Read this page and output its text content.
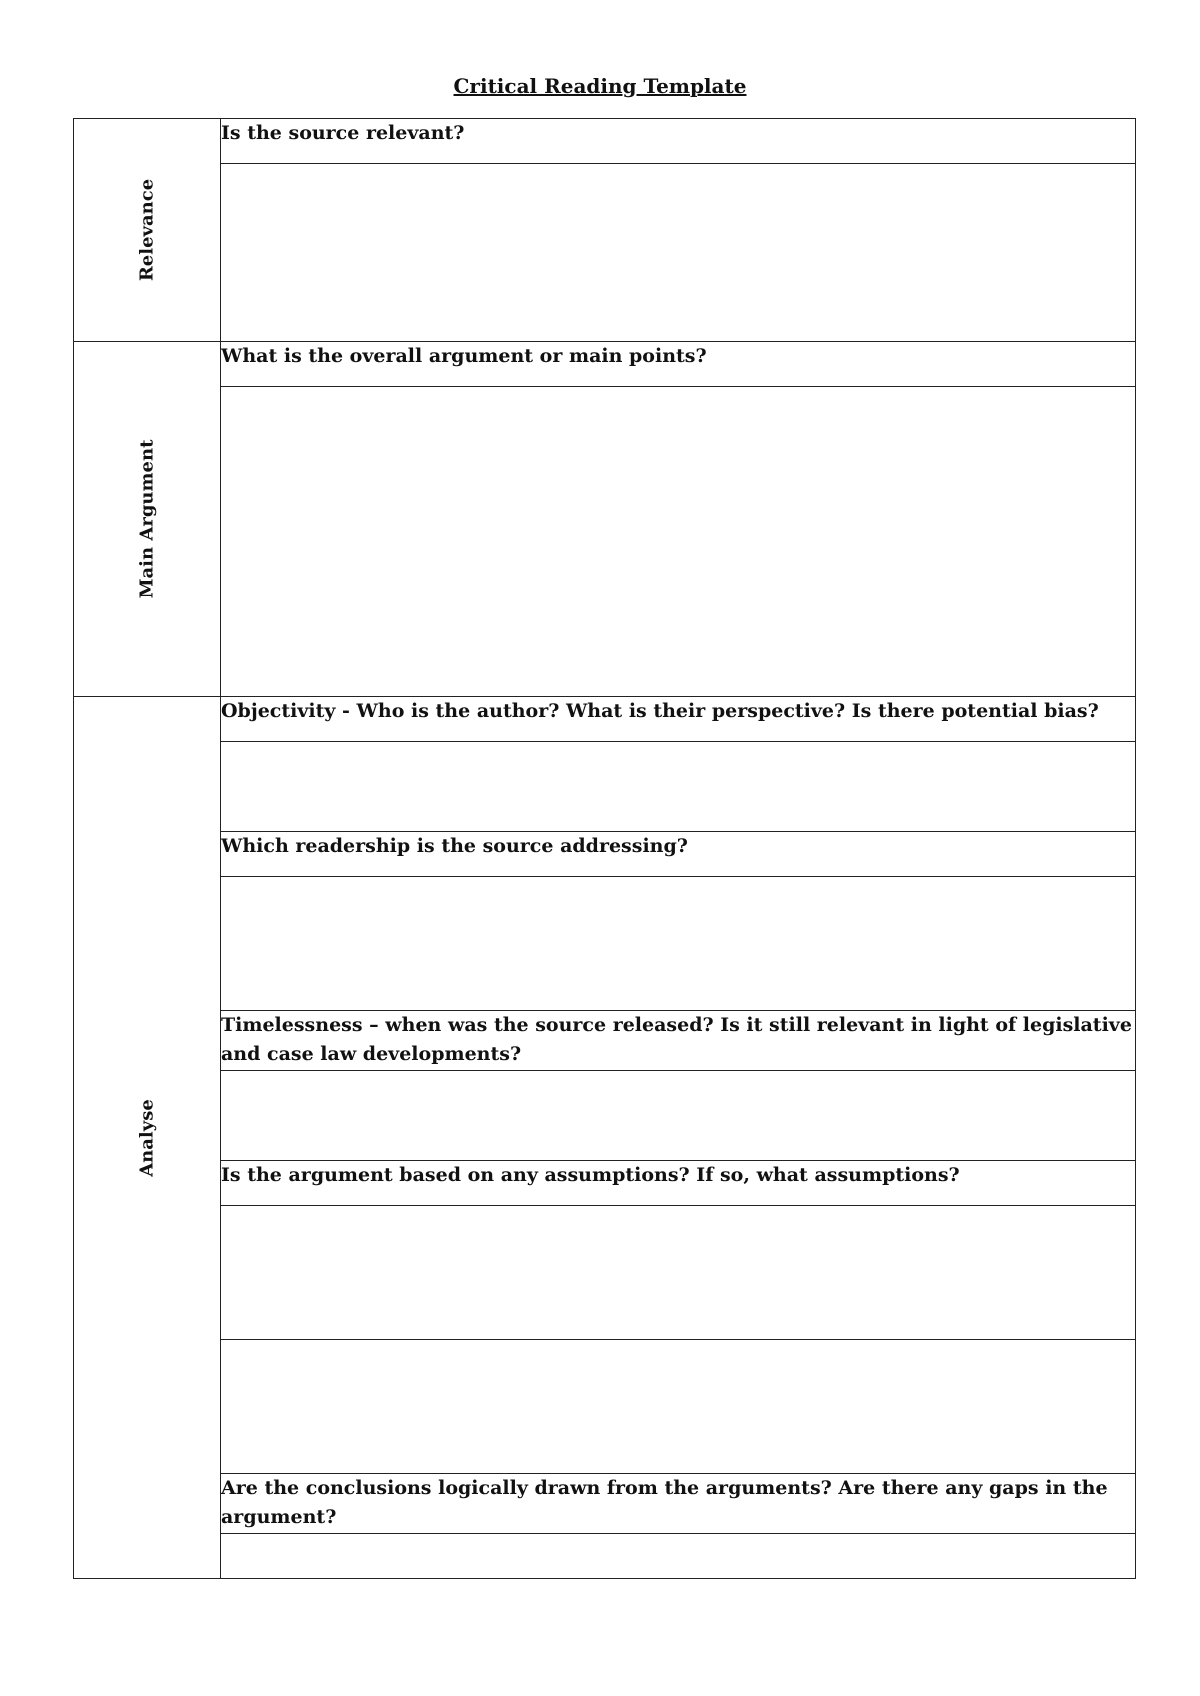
Critical Reading Template
Relevance	Is the source relevant?

Main Argument	What is the overall argument or main points?

Analyse	Objectivity - Who is the author? What is their perspective? Is there potential bias?

	Which readership is the source addressing?

	Timelessness – when was the source released? Is it still relevant in light of legislative and case law developments?

	Is the argument based on any assumptions? If so, what assumptions?

	Are the conclusions logically drawn from the arguments? Are there any gaps in the argument?
